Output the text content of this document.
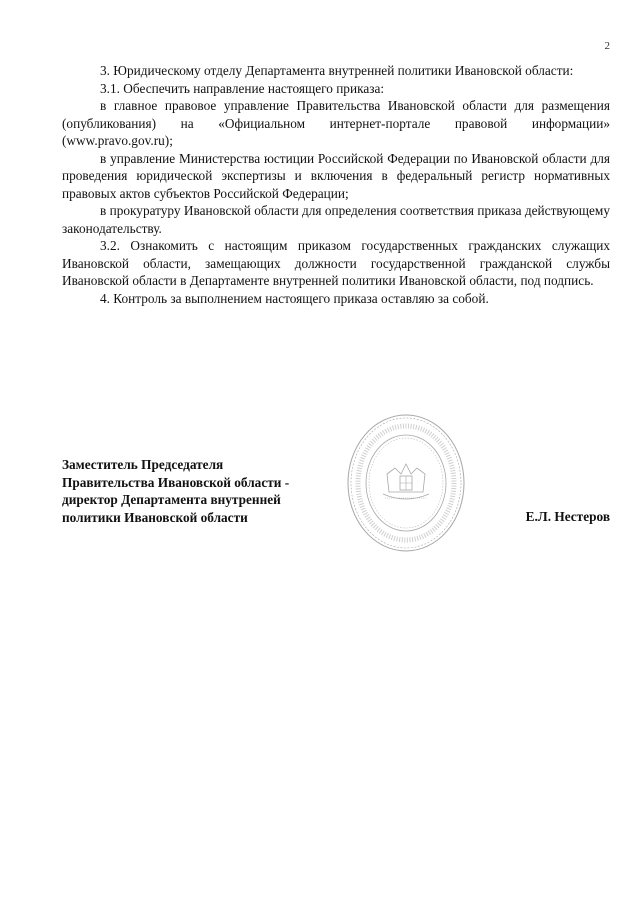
2

3. Юридическому отделу Департамента внутренней политики Ивановской области:

3.1. Обеспечить направление настоящего приказа:

в главное правовое управление Правительства Ивановской области для размещения (опубликования) на «Официальном интернет-портале правовой информации» (www.pravo.gov.ru);

в управление Министерства юстиции Российской Федерации по Ивановской области для проведения юридической экспертизы и включения в федеральный регистр нормативных правовых актов субъектов Российской Федерации;

в прокуратуру Ивановской области для определения соответствия приказа действующему законодательству.

3.2. Ознакомить с настоящим приказом государственных гражданских служащих Ивановской области, замещающих должности государственной гражданской службы Ивановской области в Департаменте внутренней политики Ивановской области, под подпись.

4. Контроль за выполнением настоящего приказа оставляю за собой.

Заместитель Председателя
Правительства Ивановской области -
директор Департамента внутренней
политики Ивановской области	Е.Л. Нестеров
